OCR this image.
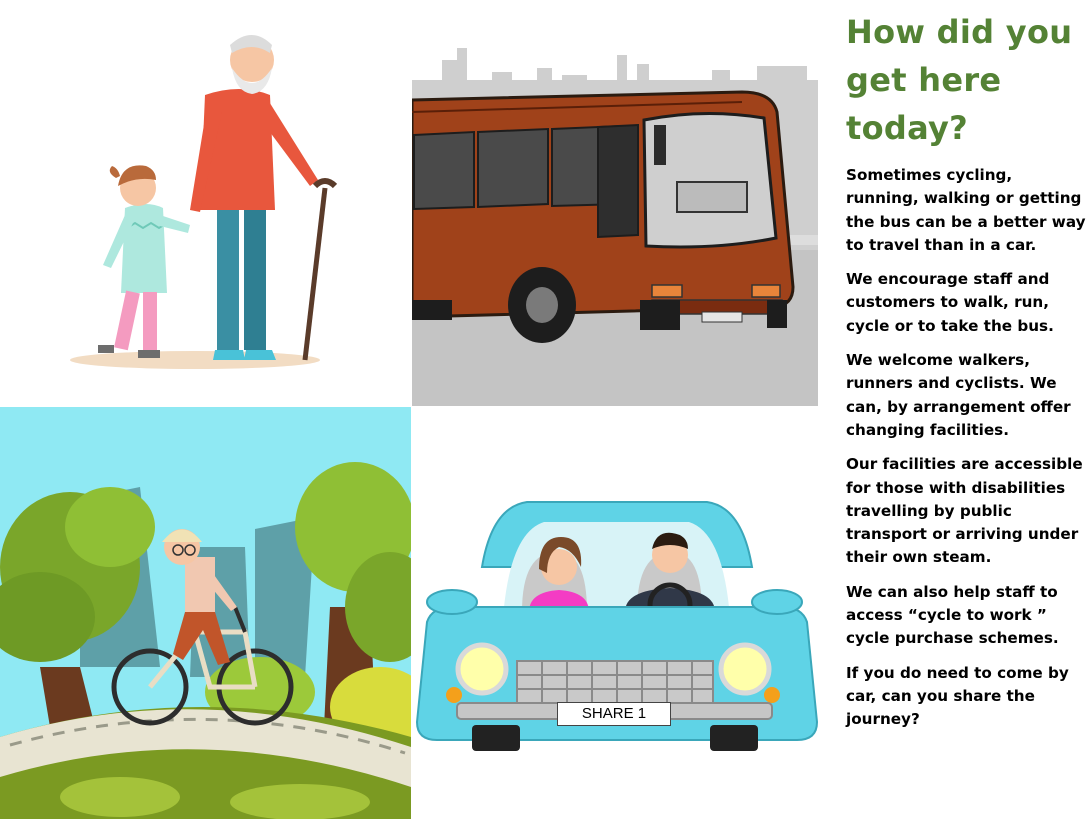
SHARE 1
How did you get here today?

Sometimes cycling, running, walking or getting the bus can be a better way to travel than in a car.

We encourage staff and customers to walk, run, cycle or to take the bus.

We welcome walkers, runners and cyclists. We can, by arrangement offer changing facilities.

Our facilities are accessible for those with disabilities travelling by public transport or arriving under their own steam.

We can also help staff to access “cycle to work ” cycle purchase schemes.

If you do need to come by car, can you share the journey?
